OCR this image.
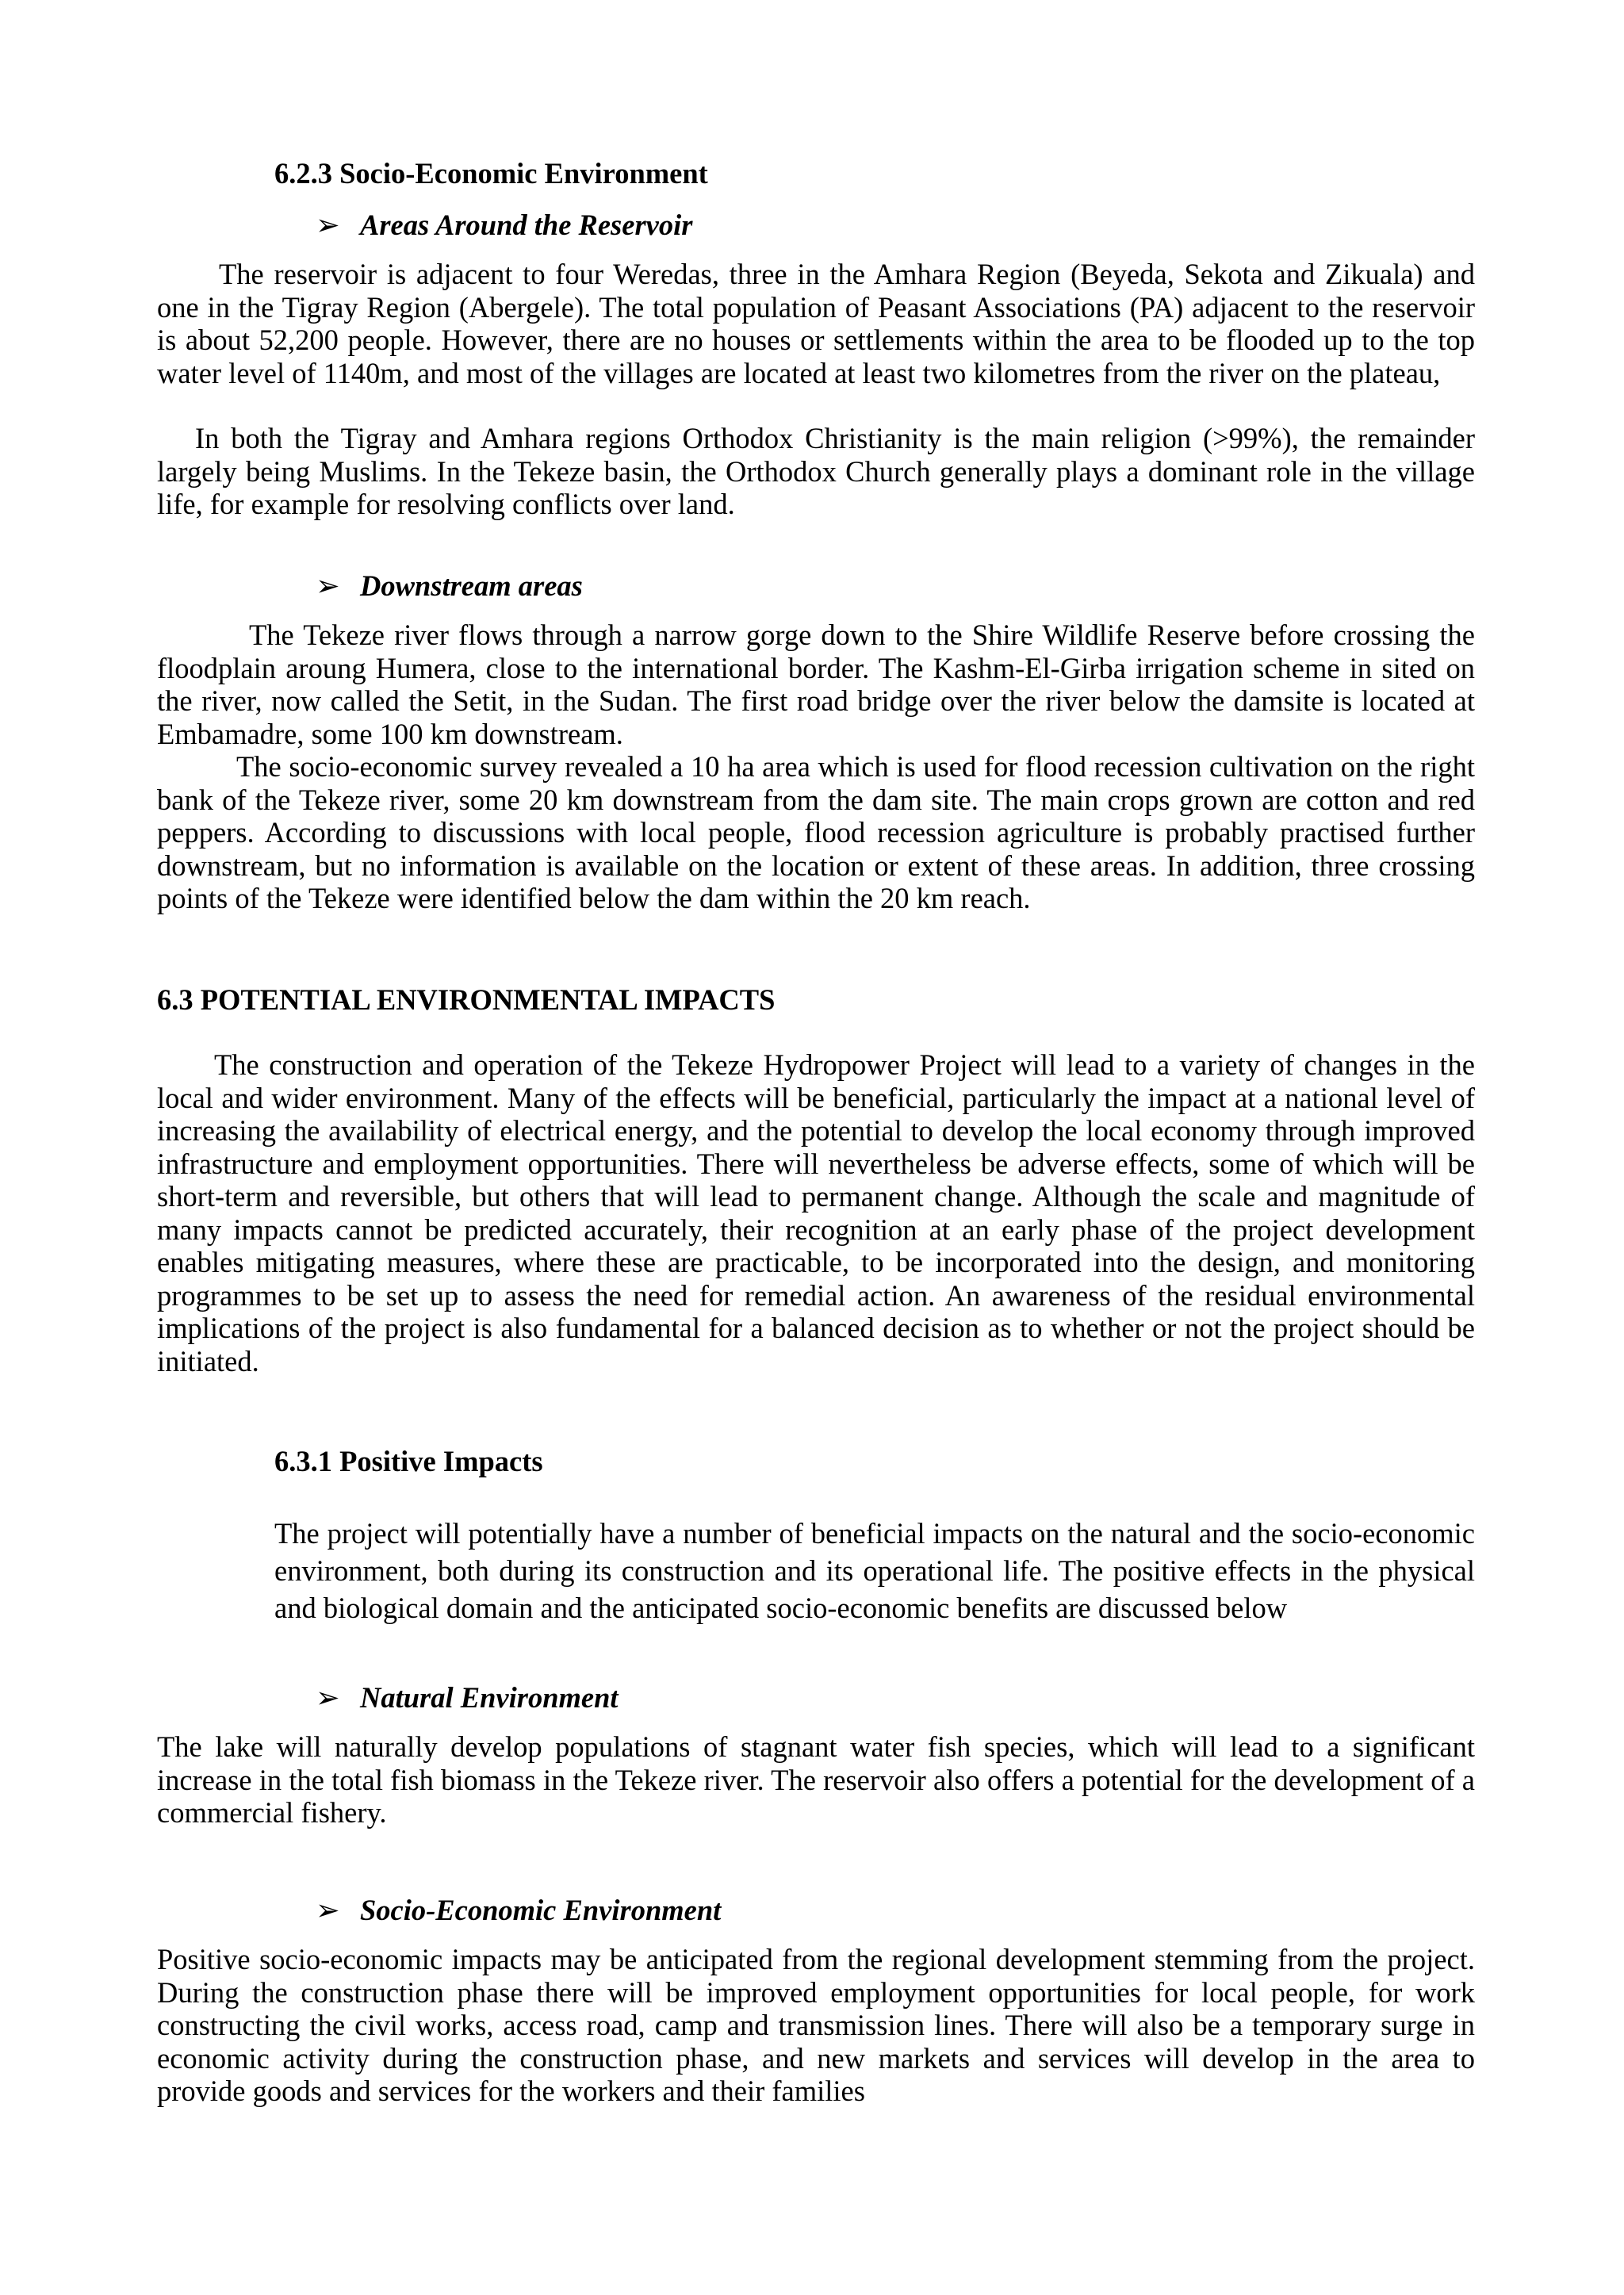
6.2.3 Socio-Economic Environment
➢ Areas Around the Reservoir

The reservoir is adjacent to four Weredas, three in the Amhara Region (Beyeda, Sekota and Zikuala) and one in the Tigray Region (Abergele). The total population of Peasant Associations (PA) adjacent to the reservoir is about 52,200 people. However, there are no houses or settlements within the area to be flooded up to the top water level of 1140m, and most of the villages are located at least two kilometres from the river on the plateau,

In both the Tigray and Amhara regions Orthodox Christianity is the main religion (>99%), the remainder largely being Muslims. In the Tekeze basin, the Orthodox Church generally plays a dominant role in the village life, for example for resolving conflicts over land.

➢ Downstream areas

The Tekeze river flows through a narrow gorge down to the Shire Wildlife Reserve before crossing the floodplain aroung Humera, close to the international border. The Kashm-El-Girba irrigation scheme in sited on the river, now called the Setit, in the Sudan. The first road bridge over the river below the damsite is located at Embamadre, some 100 km downstream.

The socio-economic survey revealed a 10 ha area which is used for flood recession cultivation on the right bank of the Tekeze river, some 20 km downstream from the dam site. The main crops grown are cotton and red peppers. According to discussions with local people, flood recession agriculture is probably practised further downstream, but no information is available on the location or extent of these areas. In addition, three crossing points of the Tekeze were identified below the dam within the 20 km reach.

6.3 POTENTIAL ENVIRONMENTAL IMPACTS

The construction and operation of the Tekeze Hydropower Project will lead to a variety of changes in the local and wider environment. Many of the effects will be beneficial, particularly the impact at a national level of increasing the availability of electrical energy, and the potential to develop the local economy through improved infrastructure and employment opportunities. There will nevertheless be adverse effects, some of which will be short-term and reversible, but others that will lead to permanent change. Although the scale and magnitude of many impacts cannot be predicted accurately, their recognition at an early phase of the project development enables mitigating measures, where these are practicable, to be incorporated into the design, and monitoring programmes to be set up to assess the need for remedial action. An awareness of the residual environmental implications of the project is also fundamental for a balanced decision as to whether or not the project should be initiated.

6.3.1 Positive Impacts

The project will potentially have a number of beneficial impacts on the natural and the socio-economic environment, both during its construction and its operational life. The positive effects in the physical and biological domain and the anticipated socio-economic benefits are discussed below

➢ Natural Environment

The lake will naturally develop populations of stagnant water fish species, which will lead to a significant increase in the total fish biomass in the Tekeze river. The reservoir also offers a potential for the development of a commercial fishery.

➢ Socio-Economic Environment

Positive socio-economic impacts may be anticipated from the regional development stemming from the project. During the construction phase there will be improved employment opportunities for local people, for work constructing the civil works, access road, camp and transmission lines. There will also be a temporary surge in economic activity during the construction phase, and new markets and services will develop in the area to provide goods and services for the workers and their families
